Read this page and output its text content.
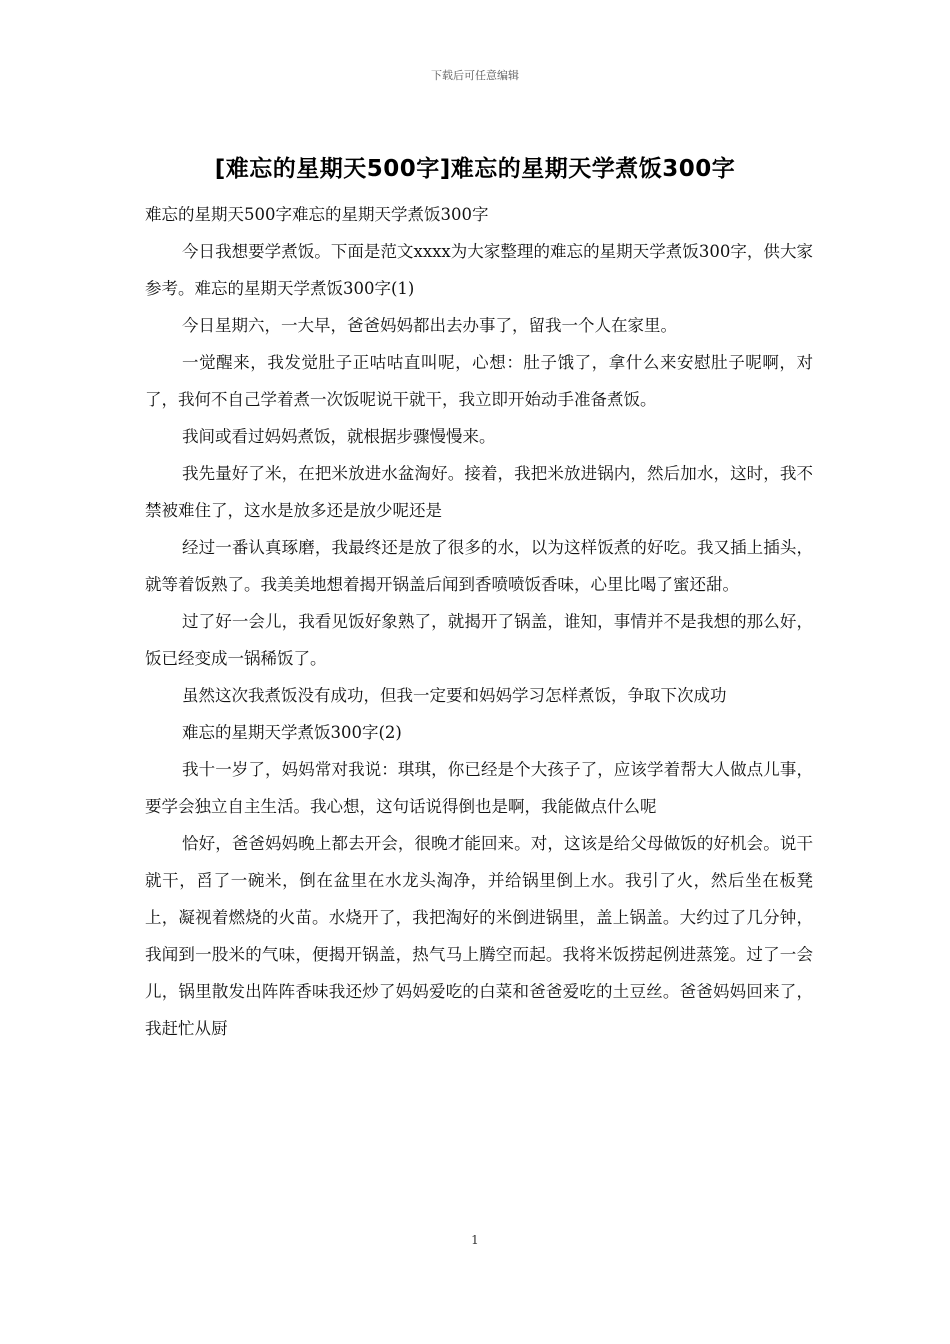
下载后可任意编辑
[难忘的星期天500字]难忘的星期天学煮饭300字

难忘的星期天500字难忘的星期天学煮饭300字

今日我想要学煮饭。下面是范文xxxx为大家整理的难忘的星期天学煮饭300字，供大家参考。难忘的星期天学煮饭300字(1)

今日星期六，一大早，爸爸妈妈都出去办事了，留我一个人在家里。

一觉醒来，我发觉肚子正咕咕直叫呢，心想：肚子饿了，拿什么来安慰肚子呢啊，对了，我何不自己学着煮一次饭呢说干就干，我立即开始动手准备煮饭。

我间或看过妈妈煮饭，就根据步骤慢慢来。

我先量好了米，在把米放进水盆淘好。接着，我把米放进锅内，然后加水，这时，我不禁被难住了，这水是放多还是放少呢还是

经过一番认真琢磨，我最终还是放了很多的水，以为这样饭煮的好吃。我又插上插头，就等着饭熟了。我美美地想着揭开锅盖后闻到香喷喷饭香味，心里比喝了蜜还甜。

过了好一会儿，我看见饭好象熟了，就揭开了锅盖，谁知，事情并不是我想的那么好，饭已经变成一锅稀饭了。

虽然这次我煮饭没有成功，但我一定要和妈妈学习怎样煮饭，争取下次成功

难忘的星期天学煮饭300字(2)

我十一岁了，妈妈常对我说：琪琪，你已经是个大孩子了，应该学着帮大人做点儿事，要学会独立自主生活。我心想，这句话说得倒也是啊，我能做点什么呢

恰好，爸爸妈妈晚上都去开会，很晚才能回来。对，这该是给父母做饭的好机会。说干就干，舀了一碗米，倒在盆里在水龙头淘净，并给锅里倒上水。我引了火，然后坐在板凳上，凝视着燃烧的火苗。水烧开了，我把淘好的米倒进锅里，盖上锅盖。大约过了几分钟，我闻到一股米的气味，便揭开锅盖，热气马上腾空而起。我将米饭捞起例进蒸笼。过了一会儿，锅里散发出阵阵香味我还炒了妈妈爱吃的白菜和爸爸爱吃的土豆丝。爸爸妈妈回来了，我赶忙从厨

1
